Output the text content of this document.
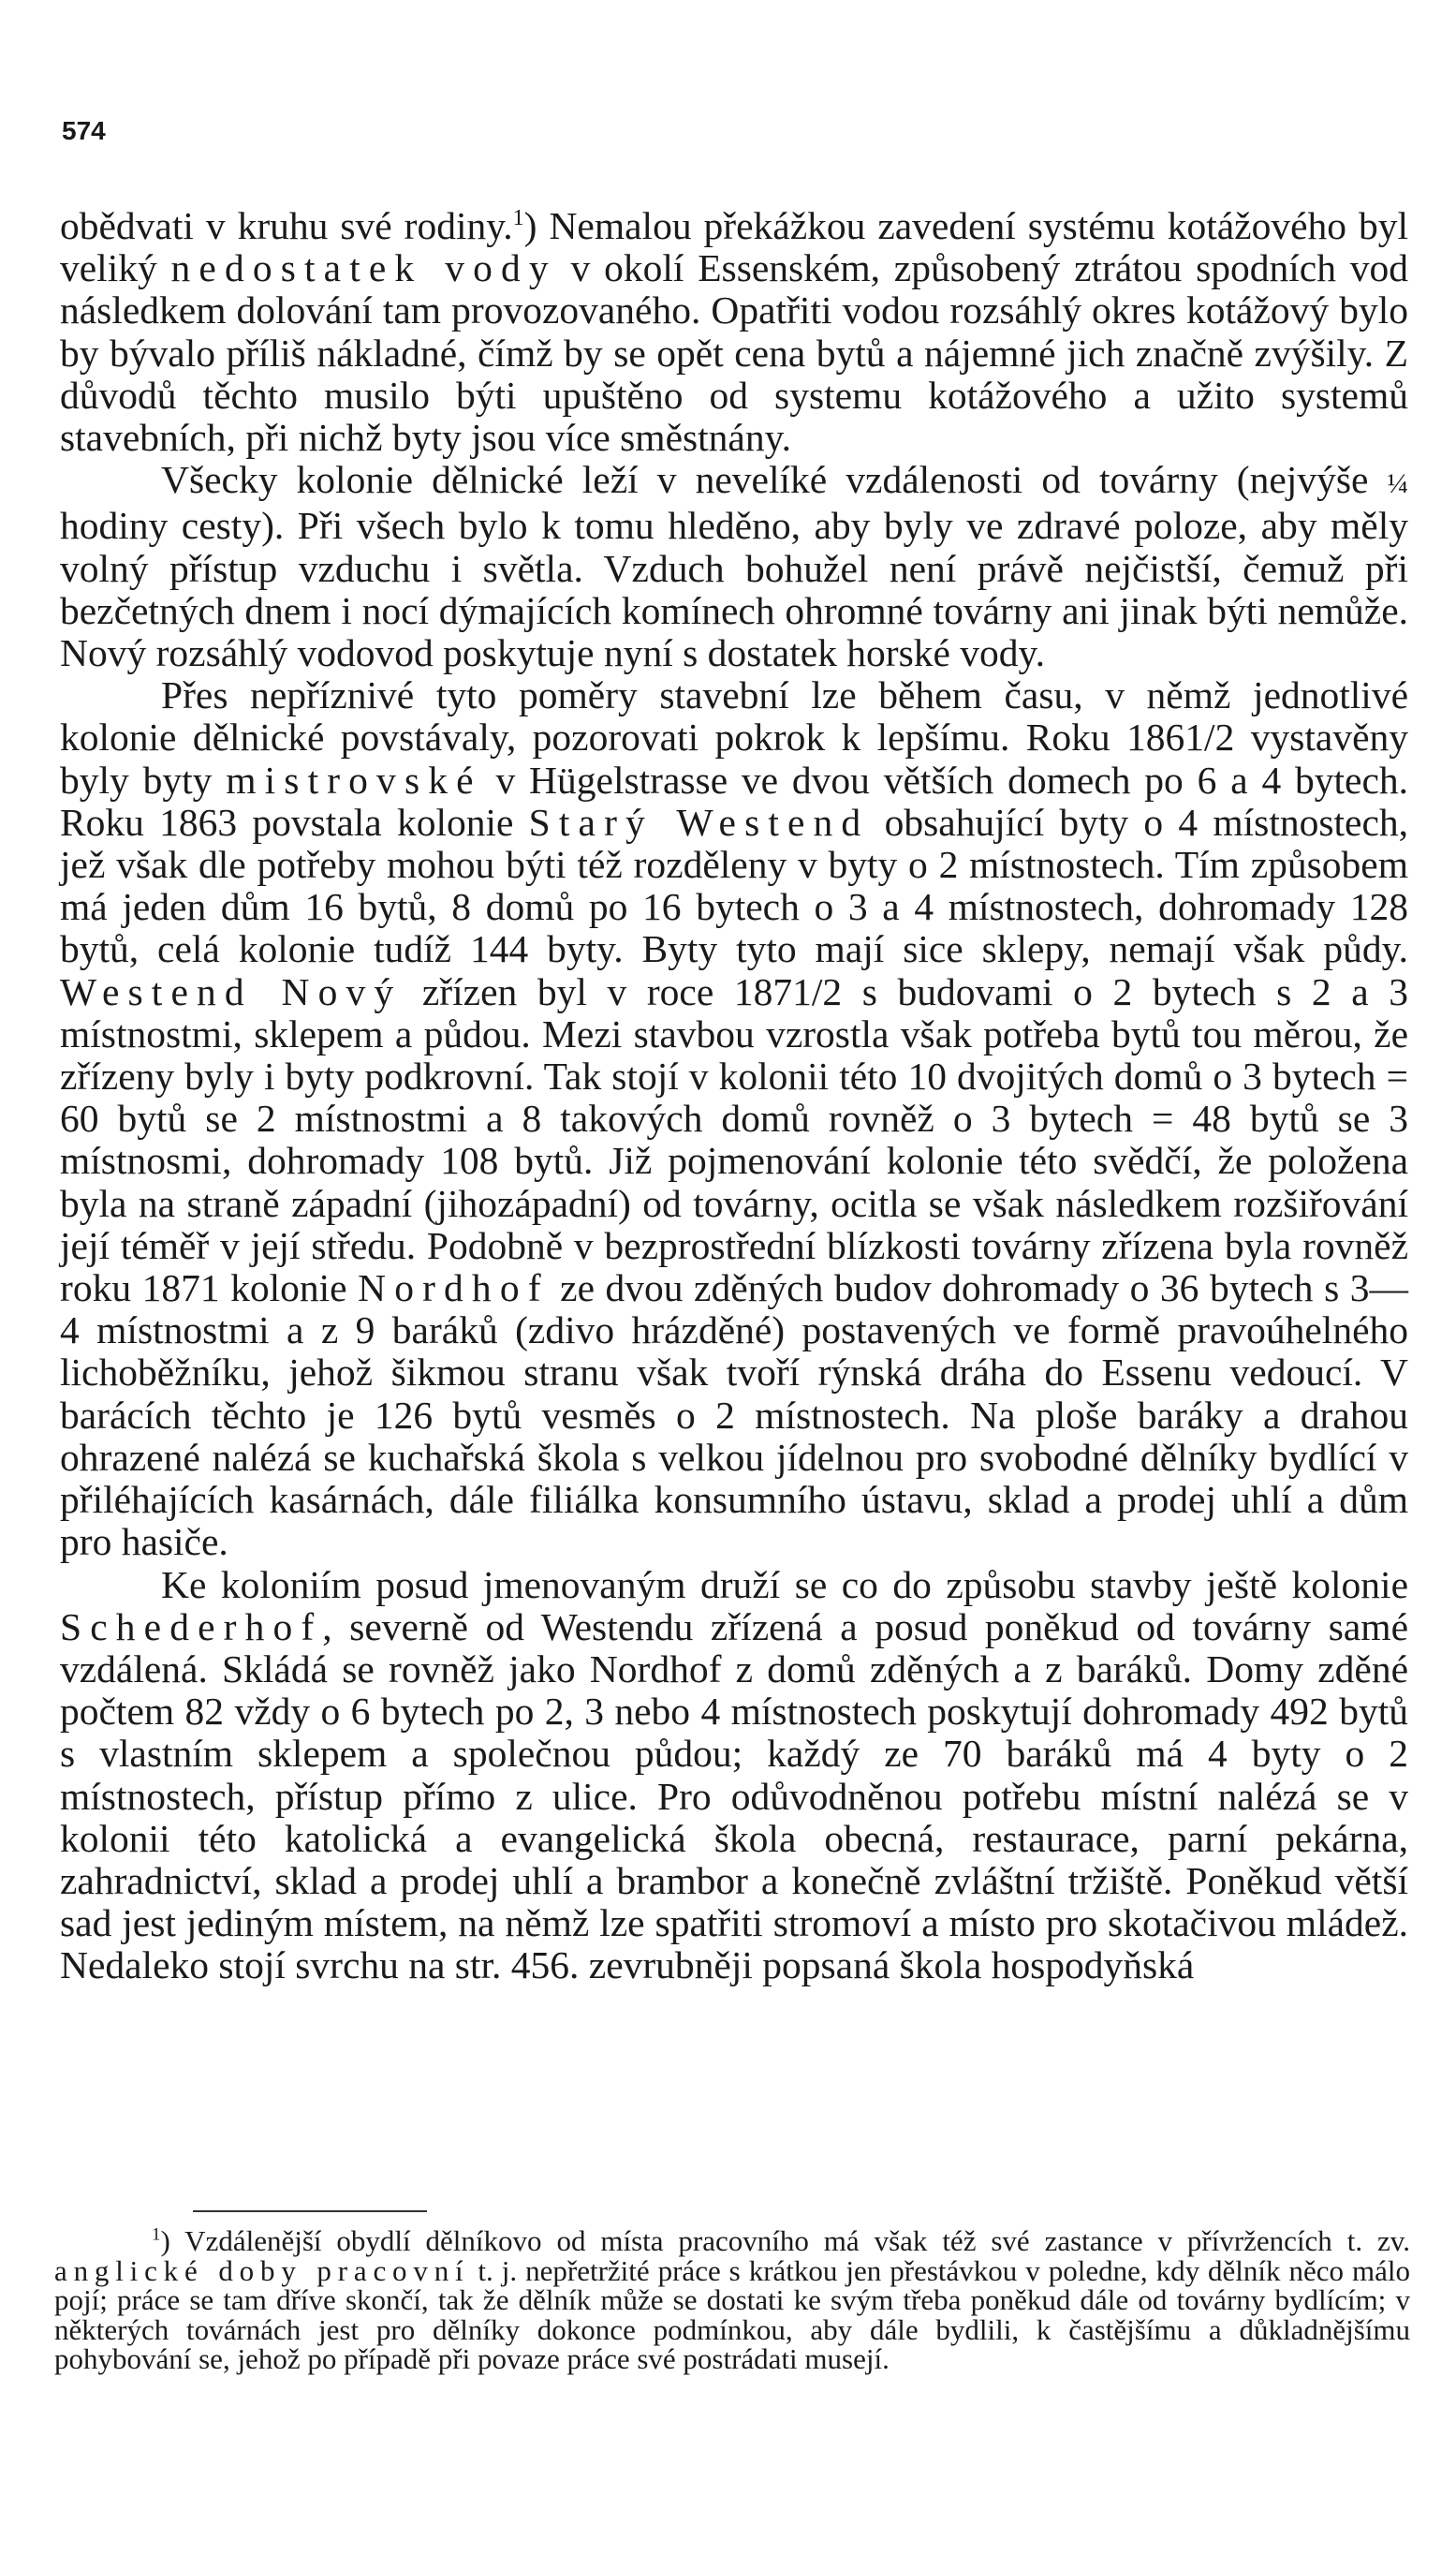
574

obědvati v kruhu své rodiny.$^1$) Nemalou překážkou zavedení systému kotážového byl veliký nedostatek vody v okolí Essenském, způsobený ztrátou spodních vod následkem dolování tam provozovaného. Opatřiti vodou rozsáhlý okres kotážový bylo by bývalo příliš nákladné, čímž by se opět cena bytů a nájemné jich značně zvýšily. Z důvodů těchto musilo býti upuštěno od systemu kotážového a užito systemů stavebních, při nichž byty jsou více směstnány.

Všecky kolonie dělnické leží v nevelíké vzdálenosti od továrny (nejvýše ¼ hodiny cesty). Při všech bylo k tomu hleděno, aby byly ve zdravé poloze, aby měly volný přístup vzduchu i světla. Vzduch bohužel není právě nejčistší, čemuž při bezčetných dnem i nocí dýmajících komínech ohromné továrny ani jinak býti nemůže. Nový rozsáhlý vodovod poskytuje nyní s dostatek horské vody.

Přes nepříznivé tyto poměry stavební lze během času, v němž jednotlivé kolonie dělnické povstávaly, pozorovati pokrok k lepšímu. Roku 1861/2 vystavěny byly byty mistrovské v Hügelstrasse ve dvou větších domech po 6 a 4 bytech. Roku 1863 povstala kolonie Starý Westend obsahující byty o 4 místnostech, jež však dle potřeby mohou býti též rozděleny v byty o 2 místnostech. Tím způsobem má jeden dům 16 bytů, 8 domů po 16 bytech o 3 a 4 místnostech, dohromady 128 bytů, celá kolonie tudíž 144 byty. Byty tyto mají sice sklepy, nemají však půdy. Westend Nový zřízen byl v roce 1871/2 s budovami o 2 bytech s 2 a 3 místnostmi, sklepem a půdou. Mezi stavbou vzrostla však potřeba bytů tou měrou, že zřízeny byly i byty podkrovní. Tak stojí v kolonii této 10 dvojitých domů o 3 bytech = 60 bytů se 2 místnostmi a 8 takových domů rovněž o 3 bytech = 48 bytů se 3 místnosmi, dohromady 108 bytů. Již pojmenování kolonie této svědčí, že položena byla na straně západní (jihozápadní) od továrny, ocitla se však následkem rozšiřování její téměř v její středu. Podobně v bezprostřední blízkosti továrny zřízena byla rovněž roku 1871 kolonie Nordhof ze dvou zděných budov dohromady o 36 bytech s 3—4 místnostmi a z 9 baráků (zdivo hrázděné) postavených ve formě pravoúhelného lichoběžníku, jehož šikmou stranu však tvoří rýnská dráha do Essenu vedoucí. V barácích těchto je 126 bytů vesměs o 2 místnostech. Na ploše baráky a drahou ohrazené nalézá se kuchařská škola s velkou jídelnou pro svobodné dělníky bydlící v přiléhajících kasárnách, dále filiálka konsumního ústavu, sklad a prodej uhlí a dům pro hasiče.

Ke koloniím posud jmenovaným druží se co do způsobu stavby ještě kolonie Schederhof, severně od Westendu zřízená a posud poněkud od továrny samé vzdálená. Skládá se rovněž jako Nordhof z domů zděných a z baráků. Domy zděné počtem 82 vždy o 6 bytech po 2, 3 nebo 4 místnostech poskytují dohromady 492 bytů s vlastním sklepem a společnou půdou; každý ze 70 baráků má 4 byty o 2 místnostech, přístup přímo z ulice. Pro odůvodněnou potřebu místní nalézá se v kolonii této katolická a evangelická škola obecná, restaurace, parní pekárna, zahradnictví, sklad a prodej uhlí a brambor a konečně zvláštní tržiště. Poněkud větší sad jest jediným místem, na němž lze spatřiti stromoví a místo pro skotačivou mládež. Nedaleko stojí svrchu na str. 456. zevrubněji popsaná škola hospodyňská

$^1$) Vzdálenější obydlí dělníkovo od místa pracovního má však též své zastance v přívržencích t. zv. anglické doby pracovní t. j. nepřetržité práce s krátkou jen přestávkou v poledne, kdy dělník něco málo pojí; práce se tam dříve skončí, tak že dělník může se dostati ke svým třeba poněkud dále od továrny bydlícím; v některých továrnách jest pro dělníky dokonce podmínkou, aby dále bydlili, k častějšímu a důkladnějšímu pohybování se, jehož po případě při povaze práce své postrádati musejí.
